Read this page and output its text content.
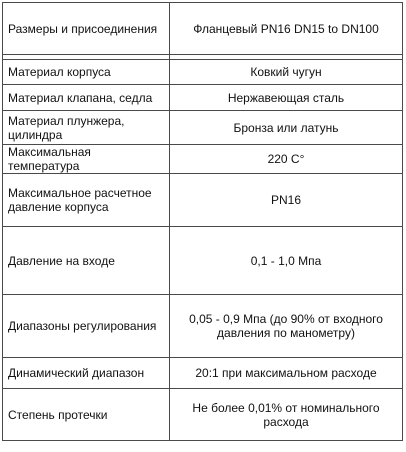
Размеры и присоединения	Фланцевый PN16 DN15 to DN100

Материал корпуса	Ковкий чугун
Материал клапана, седла	Нержавеющая сталь
Материал плунжера, цилиндра	Бронза или латунь
Максимальная температура	220 С°
Максимальное расчетное давление корпуса	PN16
Давление на входе	0,1 - 1,0 Мпа
Диапазоны регулирования	0,05 - 0,9 Мпа (до 90% от входного давления по манометру)
Динамический диапазон	20:1 при максимальном расходе
Степень протечки	Не более 0,01% от номинального расхода
